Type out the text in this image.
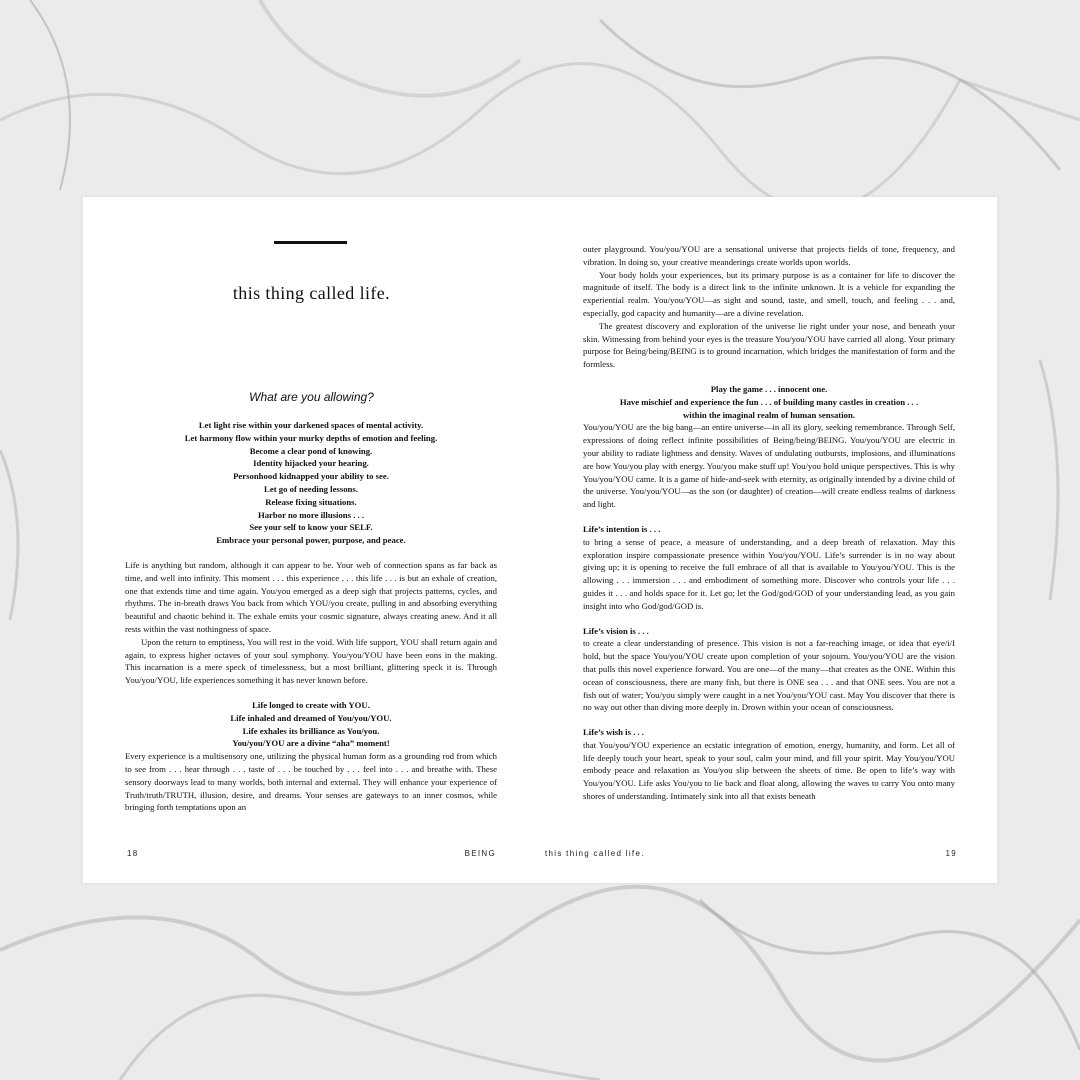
this thing called life.
What are you allowing?

Let light rise within your darkened spaces of mental activity.

Let harmony flow within your murky depths of emotion and feeling.

Become a clear pond of knowing.

Identity hijacked your hearing.

Personhood kidnapped your ability to see.

Let go of needing lessons.

Release fixing situations.

Harbor no more illusions . . .

See your self to know your SELF.

Embrace your personal power, purpose, and peace.

Life is anything but random, although it can appear to be. Your web of connection spans as far back as time, and well into infinity. This moment . . . this experience . . . this life . . . is but an exhale of creation, one that extends time and time again. You/you emerged as a deep sigh that projects patterns, cycles, and rhythms. The in-breath draws You back from which YOU/you create, pulling in and absorbing everything beautiful and chaotic behind it. The exhale emits your cosmic signature, always creating anew. And it all rests within the vast nothingness of space.

Upon the return to emptiness, You will rest in the void. With life support, YOU shall return again and again, to express higher octaves of your soul symphony. You/you/YOU have been eons in the making. This incarnation is a mere speck of timelessness, but a most brilliant, glittering speck it is. Through You/you/YOU, life experiences something it has never known before.

Life longed to create with YOU.

Life inhaled and dreamed of You/you/YOU.

Life exhales its brilliance as You/you.

You/you/YOU are a divine “aha” moment!

Every experience is a multisensory one, utilizing the physical human form as a grounding rod from which to see from . . . hear through . . . taste of . . . be touched by . . . feel into . . . and breathe with. These sensory doorways lead to many worlds, both internal and external. They will enhance your experience of Truth/truth/TRUTH, illusion, desire, and dreams. Your senses are gateways to an inner cosmos, while bringing forth temptations upon an

18	BEING

outer playground. You/you/YOU are a sensational universe that projects fields of tone, frequency, and vibration. In doing so, your creative meanderings create worlds upon worlds.

Your body holds your experiences, but its primary purpose is as a container for life to discover the magnitude of itself. The body is a direct link to the infinite unknown. It is a vehicle for expanding the experiential realm. You/you/YOU—as sight and sound, taste, and smell, touch, and feeling . . . and, especially, god capacity and humanity—are a divine revelation.

The greatest discovery and exploration of the universe lie right under your nose, and beneath your skin. Witnessing from behind your eyes is the treasure You/you/YOU have carried all along. Your primary purpose for Being/being/BEING is to ground incarnation, which bridges the manifestation of form and the formless.

Play the game . . . innocent one.

Have mischief and experience the fun . . . of building many castles in creation . . .

within the imaginal realm of human sensation.

You/you/YOU are the big bang—an entire universe—in all its glory, seeking remembrance. Through Self, expressions of doing reflect infinite possibilities of Being/being/BEING. You/you/YOU are electric in your ability to radiate lightness and density. Waves of undulating outbursts, implosions, and illuminations are how You/you play with energy. You/you make stuff up! You/you hold unique perspectives. This is why You/you/YOU came. It is a game of hide-and-seek with eternity, as originally intended by a divine child of the universe. You/you/YOU—as the son (or daughter) of creation—will create endless realms of darkness and light.

Life’s intention is . . .

to bring a sense of peace, a measure of understanding, and a deep breath of relaxation. May this exploration inspire compassionate presence within You/you/YOU. Life’s surrender is in no way about giving up; it is opening to receive the full embrace of all that is available to You/you/YOU. This is the allowing . . . immersion . . . and embodiment of something more. Discover who controls your life . . . guides it . . . and holds space for it. Let go; let the God/god/GOD of your understanding lead, as you gain insight into who God/god/GOD is.

Life’s vision is . . .

to create a clear understanding of presence. This vision is not a far-reaching image, or idea that eye/i/I hold, but the space You/you/YOU create upon completion of your sojourn. You/you/YOU are the vision that pulls this novel experience forward. You are one—of the many—that creates as the ONE. Within this ocean of consciousness, there are many fish, but there is ONE sea . . . and that ONE sees. You are not a fish out of water; You/you simply were caught in a net You/you/YOU cast. May You discover that there is no way out other than diving more deeply in. Drown within your ocean of consciousness.

Life’s wish is . . .

that You/you/YOU experience an ecstatic integration of emotion, energy, humanity, and form. Let all of life deeply touch your heart, speak to your soul, calm your mind, and fill your spirit. May You/you/YOU embody peace and relaxation as You/you slip between the sheets of time. Be open to life’s way with You/you/YOU. Life asks You/you to lie back and float along, allowing the waves to carry You onto many shores of understanding. Intimately sink into all that exists beneath

this thing called life.	19
